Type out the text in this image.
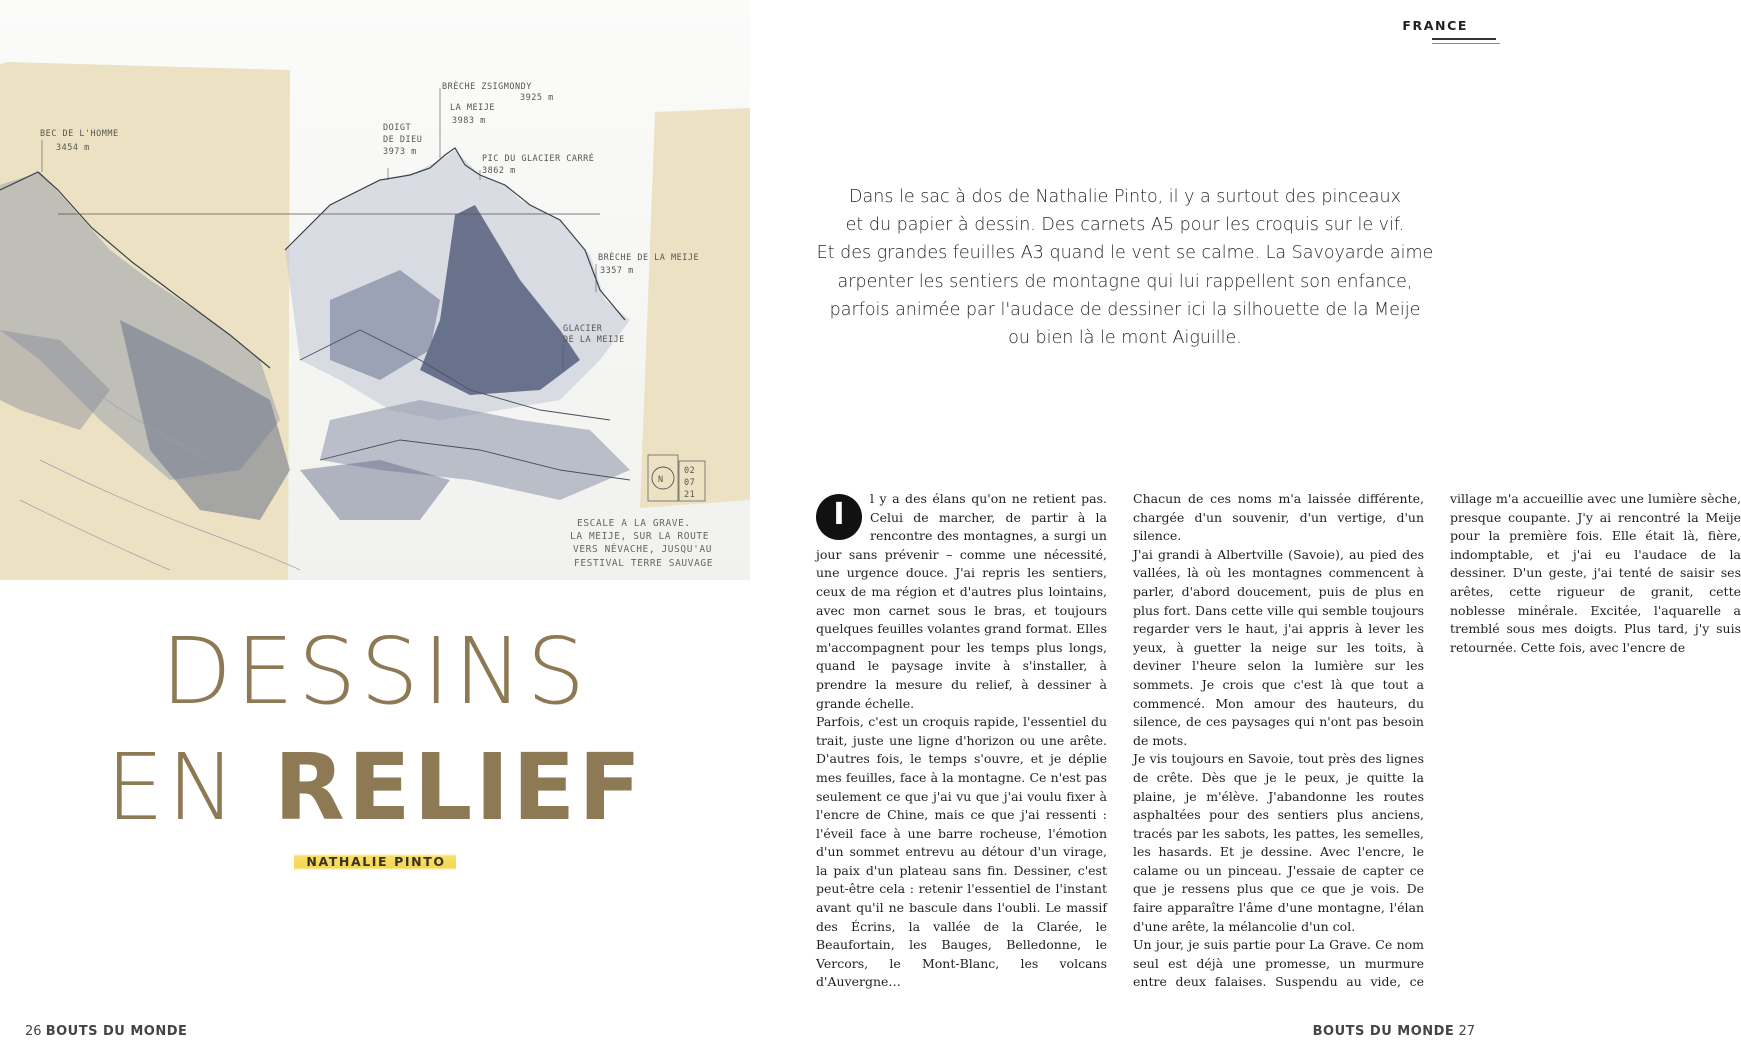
BEC DE L'HOMME
3454 m
DOIGT
DE DIEU
3973 m
BRÈCHE ZSIGMONDY
3925 m
LA MEIJE
3983 m
PIC DU GLACIER CARRÉ
3862 m
BRÈCHE DE LA MEIJE
3357 m
GLACIER
DE LA MEIJE
N
02
07
21
ESCALE A LA GRAVE.
LA MEIJE, SUR LA ROUTE
VERS NÉVACHE, JUSQU'AU
FESTIVAL TERRE SAUVAGE
DESSINS
EN RELIEF
NATHALIE PINTO
26 BOUTS DU MONDE	BOUTS DU MONDE 27
FRANCE
Dans le sac à dos de Nathalie Pinto, il y a surtout des pinceaux
et du papier à dessin. Des carnets A5 pour les croquis sur le vif.
Et des grandes feuilles A3 quand le vent se calme. La Savoyarde aime
arpenter les sentiers de montagne qui lui rappellent son enfance,
parfois animée par l'audace de dessiner ici la silhouette de la Meije
ou bien là le mont Aiguille.
I	l y a des élans qu'on ne retient pas. Celui de marcher, de partir à la rencontre des montagnes, a surgi un jour sans prévenir – comme une nécessité, une urgence douce. J'ai repris les sentiers, ceux de ma région et d'autres plus lointains, avec mon carnet sous le bras, et toujours quelques feuilles volantes grand format. Elles m'accompagnent pour les temps plus longs, quand le paysage invite à s'installer, à prendre la mesure du relief, à dessiner à grande échelle.

Parfois, c'est un croquis rapide, l'essentiel du trait, juste une ligne d'horizon ou une arête. D'autres fois, le temps s'ouvre, et je déplie mes feuilles, face à la montagne. Ce n'est pas seulement ce que j'ai vu que j'ai voulu fixer à l'encre de Chine, mais ce que j'ai ressenti : l'éveil face à une barre rocheuse, l'émotion d'un sommet entrevu au détour d'un virage, la paix d'un plateau sans fin. Dessiner, c'est peut-être cela : retenir l'essentiel de l'instant avant qu'il ne bascule dans l'oubli. Le massif des Écrins, la vallée de la Clarée, le Beaufortain, les Bauges, Belledonne, le Vercors, le Mont-Blanc, les volcans d'Auvergne…

Chacun de ces noms m'a laissée différente, chargée d'un souvenir, d'un vertige, d'un silence.

J'ai grandi à Albertville (Savoie), au pied des vallées, là où les montagnes commencent à parler, d'abord doucement, puis de plus en plus fort. Dans cette ville qui semble toujours regarder vers le haut, j'ai appris à lever les yeux, à guetter la neige sur les toits, à deviner l'heure selon la lumière sur les sommets. Je crois que c'est là que tout a commencé. Mon amour des hauteurs, du silence, de ces paysages qui n'ont pas besoin de mots.

Je vis toujours en Savoie, tout près des lignes de crête. Dès que je le peux, je quitte la plaine, je m'élève. J'abandonne les routes asphaltées pour des sentiers plus anciens, tracés par les sabots, les pattes, les semelles, les hasards. Et je dessine. Avec l'encre, le calame ou un pinceau. J'essaie de capter ce que je ressens plus que ce que je vois. De faire apparaître l'âme d'une montagne, l'élan d'une arête, la mélancolie d'un col.

Un jour, je suis partie pour La Grave. Ce nom seul est déjà une promesse, un murmure entre deux falaises. Suspendu au vide, ce village m'a accueillie avec une lumière sèche, presque coupante. J'y ai rencontré la Meije pour la première fois. Elle était là, fière, indomptable, et j'ai eu l'audace de la dessiner. D'un geste, j'ai tenté de saisir ses arêtes, cette rigueur de granit, cette noblesse minérale. Excitée, l'aquarelle a tremblé sous mes doigts. Plus tard, j'y suis retournée. Cette fois, avec l'encre de
